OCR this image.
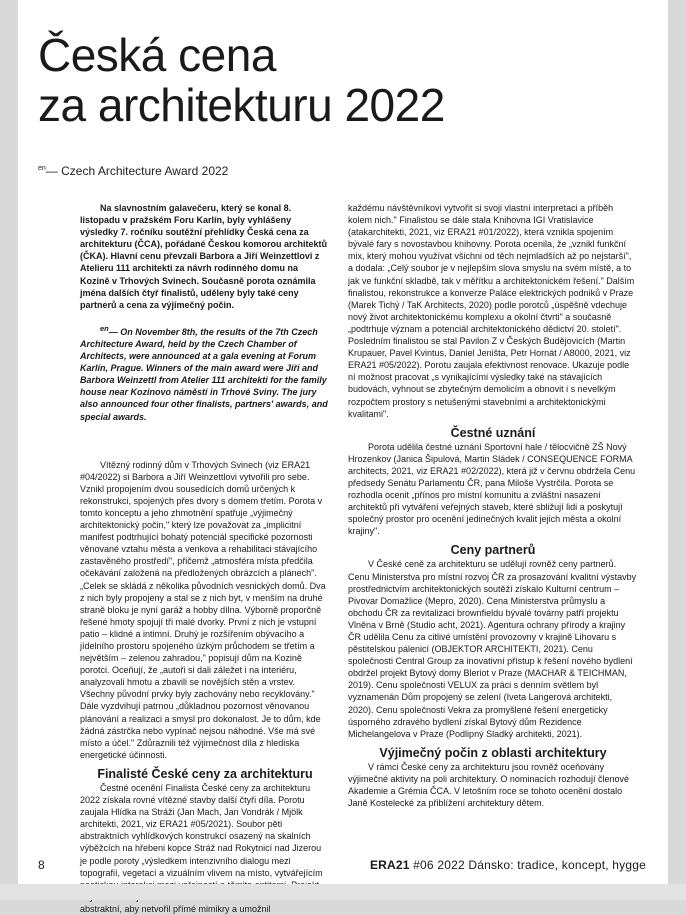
Česká cena
za architekturu 2022
$^{en}$— Czech Architecture Award 2022

Na slavnostním galavečeru, který se konal 8. listopadu v pražském Foru Karlín, byly vyhlášeny výsledky 7. ročníku soutěžní přehlídky Česká cena za architekturu (ČCA), pořádané Českou komorou architektů (ČKA). Hlavní cenu převzali Barbora a Jiří Weinzettlovi z Atelieru 111 architekti za návrh rodinného domu na Kozině v Trhových Svinech. Současně porota oznámila jména dalších čtyř finalistů, uděleny byly také ceny partnerů a cena za výjimečný počin.

$^{en}$— On November 8th, the results of the 7th Czech Architecture Award, held by the Czech Chamber of Architects, were announced at a gala evening at Forum Karlín, Prague. Winners of the main award were Jiří and Barbora Weinzettl from Atelier 111 architekti for the family house near Kozinovo náměstí in Trhové Sviny. The jury also announced four other finalists, partners' awards, and special awards.

Vítězný rodinný dům v Trhových Svinech (viz ERA21 #04/2022) si Barbora a Jiří Weinzettlovi vytvořili pro sebe. Vznikl propojením dvou sousedících domů určených k rekonstrukci, spojených přes dvory s domem třetím. Porota v tomto konceptu a jeho zhmotnění spatřuje „výjimečný architektonický počin," který lze považovat za „implicitní manifest podtrhující bohatý potenciál specifické pozornosti věnované vztahu města a venkova a rehabilitaci stávajícího zastavěného prostředí", přičemž „atmosféra místa předčila očekávání založená na předložených obrázcích a plánech". „Celek se skládá z několika původních vesnických domů. Dva z nich byly propojeny a stal se z nich byt, v menším na druhé straně bloku je nyní garáž a hobby dílna. Výborně proporčně řešené hmoty spojují tři malé dvorky. První z nich je vstupní patio – klidné a intimní. Druhý je rozšířením obývacího a jídelního prostoru spojeného úzkým průchodem se třetím a největším – zelenou zahradou," popisují dům na Kozině porotci. Oceňují, že „autoři si dali záležet i na interiéru, analyzovali hmotu a zbavili se novějších stěn a vrstev. Všechny původní prvky byly zachovány nebo recyklovány." Dále vyzdvihují patrnou „důkladnou pozornost věnovanou plánování a realizaci a smysl pro dokonalost. Je to dům, kde žádná zástrčka nebo vypínač nejsou náhodné. Vše má své místo a účel." Zdůraznili též výjimečnost díla z hlediska energetické účinnosti.

Finalisté České ceny za architekturu

Čestné ocenění Finalista České ceny za architekturu 2022 získala rovné vítězné stavby další čtyři díla. Porotu zaujala Hlídka na Stráži (Jan Mach, Jan Vondrák / Mjölk architekti, 2021, viz ERA21 #05/2021). Soubor pěti abstraktních vyhlídkových konstrukcí osazený na skalních výběžcích na hřebeni kopce Stráž nad Rokytnicí nad Jizerou je podle poroty „výsledkem intenzivního dialogu mezi topografií, vegetací a vizuálním vlivem na místo, vytvářejícím abstraktní, aby netvořil přímé mimikry a umožnil

každému návštěvníkovi vytvořit si svoji vlastní interpretaci a příběh kolem nich." Finalistou se dále stala Knihovna IGI Vratislavice (atakarchitekti, 2021, viz ERA21 #01/2022), která vznikla spojením bývalé fary s novostavbou knihovny. Porota ocenila, že „vznikl funkční mix, který mohou využívat všichni od těch nejmladších až po nejstarší", a dodala: „Celý soubor je v nejlepším slova smyslu na svém místě, a to jak ve funkční skladbě, tak v měřítku a architektonickém řešení." Dalším finalistou, rekonstrukce a konverze Paláce elektrických podniků v Praze (Marek Tichý / TaK Architects, 2020) podle porotců „úspěšně vdechuje nový život architektonickému komplexu a okolní čtvrti" a současně „podtrhuje význam a potenciál architektonického dědictví 20. století". Posledním finalistou se stal Pavilon Z v Českých Budějovicích (Martin Krupauer, Pavel Kvintus, Daniel Jeništa, Petr Hornát / A8000, 2021, viz ERA21 #05/2022). Porotu zaujala efektivnost renovace. Ukazuje podle ní možnost pracovat „s vynikajícími výsledky také na stávajících budovách, vyhnout se zbytečným demolicím a obnovit i s nevelkým rozpočtem prostory s netušenými stavebními a architektonickými kvalitami".

Čestné uznání

Porota udělila čestné uznání Sportovní hale / tělocvičně ZŠ Nový Hrozenkov (Janica Šipulová, Martin Sládek / CONSEQUENCE FORMA architects, 2021, viz ERA21 #02/2022), která již v červnu obdržela Cenu předsedy Senátu Parlamentu ČR, pana Miloše Vystrčila. Porota se rozhodla ocenit „přínos pro místní komunitu a zvláštní nasazení architektů při vytváření veřejných staveb, které sbližují lidi a poskytují společný prostor pro ocenění jedinečných kvalit jejich města a okolní krajiny".

Ceny partnerů

V České ceně za architekturu se udělují rovněž ceny partnerů. Cenu Ministerstva pro místní rozvoj ČR za prosazování kvalitní výstavby prostřednictvím architektonických soutěží získalo Kulturní centrum – Pivovar Domažlice (Mepro, 2020). Cena Ministerstva průmyslu a obchodu ČR za revitalizaci brownfieldu bývalé továrny patří projektu Vlněna v Brně (Studio acht, 2021). Agentura ochrany přírody a krajiny ČR udělila Cenu za citlivé umístění provozovny v krajině Lihovaru s pěstitelskou pálenicí (OBJEKTOR ARCHITEKTI, 2021). Cenu společnosti Central Group za inovativní přístup k řešení nového bydlení obdržel projekt Bytový domy Bleriot v Praze (MACHAR & TEICHMAN, 2019). Cenu společnosti VELUX za práci s denním světlem byl vyznamenán Dům propojený se zelení (Iveta Langerová architekti, 2020). Cenu společnosti Vekra za promyšlené řešení energeticky úsporného zdravého bydlení získal Bytový dům Rezidence Michelangelova v Praze (Podlipný Sladký architekti, 2021).

Výjimečný počin z oblasti architektury

V rámci České ceny za architekturu jsou rovněž oceňovány výjimečné aktivity na poli architektury. O nominacích rozhodují členové Akademie a Grémia ČCA. V letošním roce se tohoto ocenění dostalo Janě Kostelecké za přiblížení architektury dětem.

8	ERA21 #06 2022 Dánsko: tradice, koncept, hygge
